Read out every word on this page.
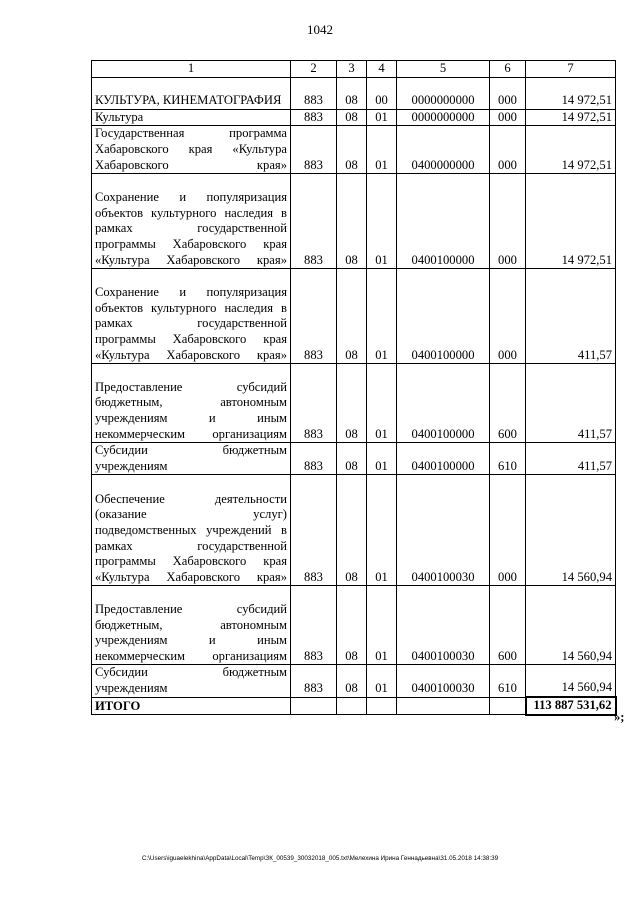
1042
1	2	3	4	5	6	7
КУЛЬТУРА, КИНЕМАТОГРАФИЯ	883	08	00	0000000000	000	14 972,51
Культура	883	08	01	0000000000	000	14 972,51
Государственная программа Хабаровского края «Культура Хабаровского края»	883	08	01	0400000000	000	14 972,51
Сохранение и популяризация объектов культурного наследия в рамках государственной программы Хабаровского края «Культура Хабаровского края»	883	08	01	0400100000	000	14 972,51
Сохранение и популяризация объектов культурного наследия в рамках государственной программы Хабаровского края «Культура Хабаровского края»	883	08	01	0400100000	000	411,57
Предоставление субсидий бюджетным, автономным учреждениям и иным некоммерческим организациям	883	08	01	0400100000	600	411,57
Субсидии бюджетным учреждениям	883	08	01	0400100000	610	411,57
Обеспечение деятельности (оказание услуг) подведомственных учреждений в рамках государственной программы Хабаровского края «Культура Хабаровского края»	883	08	01	0400100030	000	14 560,94
Предоставление субсидий бюджетным, автономным учреждениям и иным некоммерческим организациям	883	08	01	0400100030	600	14 560,94
Субсидии бюджетным учреждениям	883	08	01	0400100030	610	14 560,94
ИТОГО						113 887 531,62
»;
C:\Users\iguaelekhina\AppData\Local\Temp\ЗК_00539_30032018_005.txt\Мелехина Ирина Геннадьевна\31.05.2018 14:38:39
